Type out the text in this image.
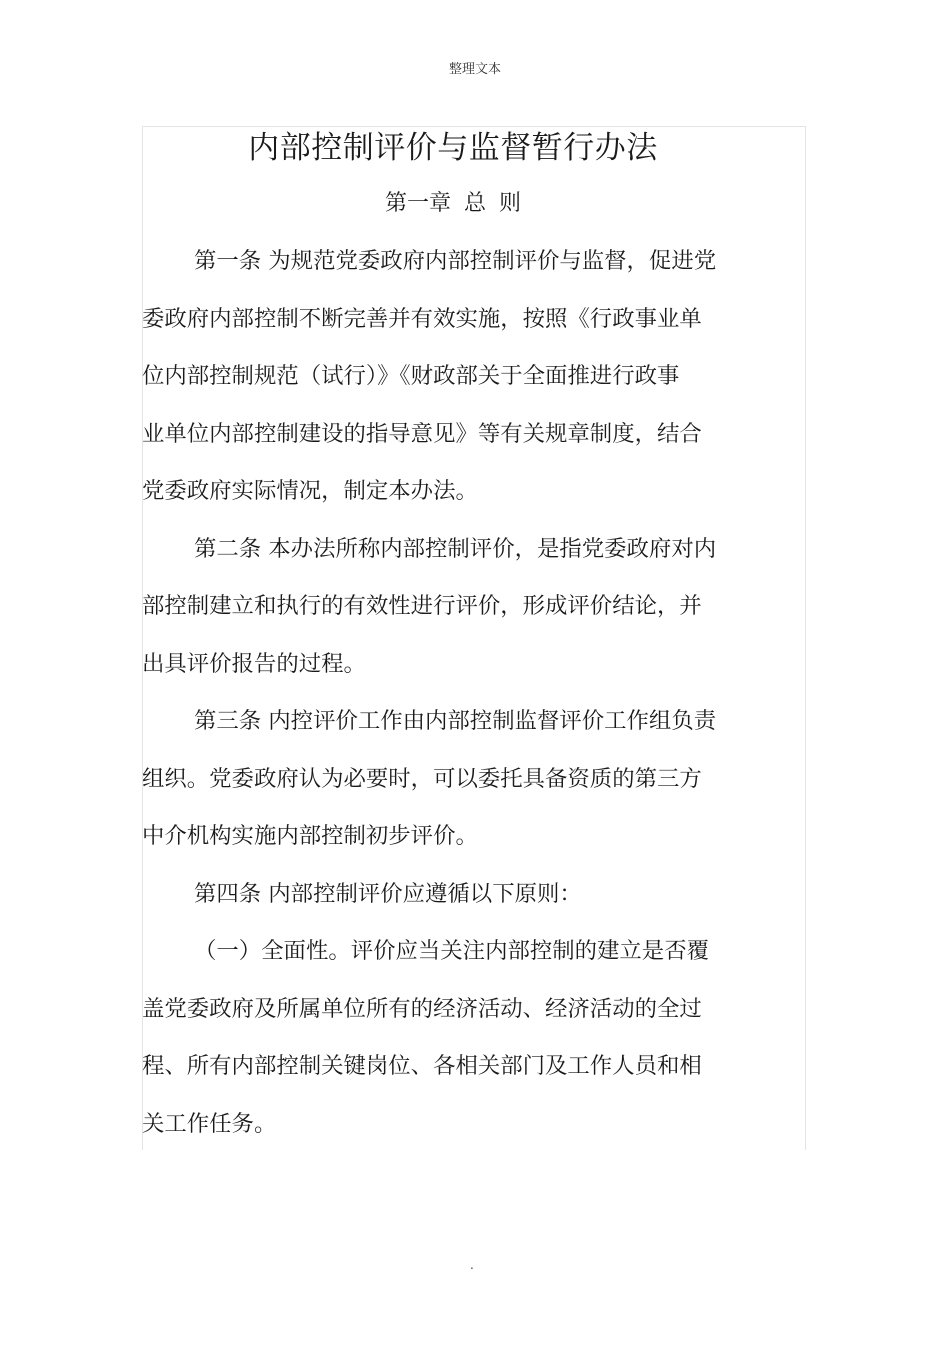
整理文本
内部控制评价与监督暂行办法
第一章 总 则
第一条 为规范党委政府内部控制评价与监督，促进党
委政府内部控制不断完善并有效实施，按照《行政事业单
位内部控制规范（试行）》《财政部关于全面推进行政事
业单位内部控制建设的指导意见》等有关规章制度，结合
党委政府实际情况，制定本办法。
第二条 本办法所称内部控制评价，是指党委政府对内
部控制建立和执行的有效性进行评价，形成评价结论，并
出具评价报告的过程。
第三条 内控评价工作由内部控制监督评价工作组负责
组织。党委政府认为必要时，可以委托具备资质的第三方
中介机构实施内部控制初步评价。
第四条 内部控制评价应遵循以下原则：
（一）全面性。评价应当关注内部控制的建立是否覆
盖党委政府及所属单位所有的经济活动、经济活动的全过
程、所有内部控制关键岗位、各相关部门及工作人员和相
关工作任务。
.
